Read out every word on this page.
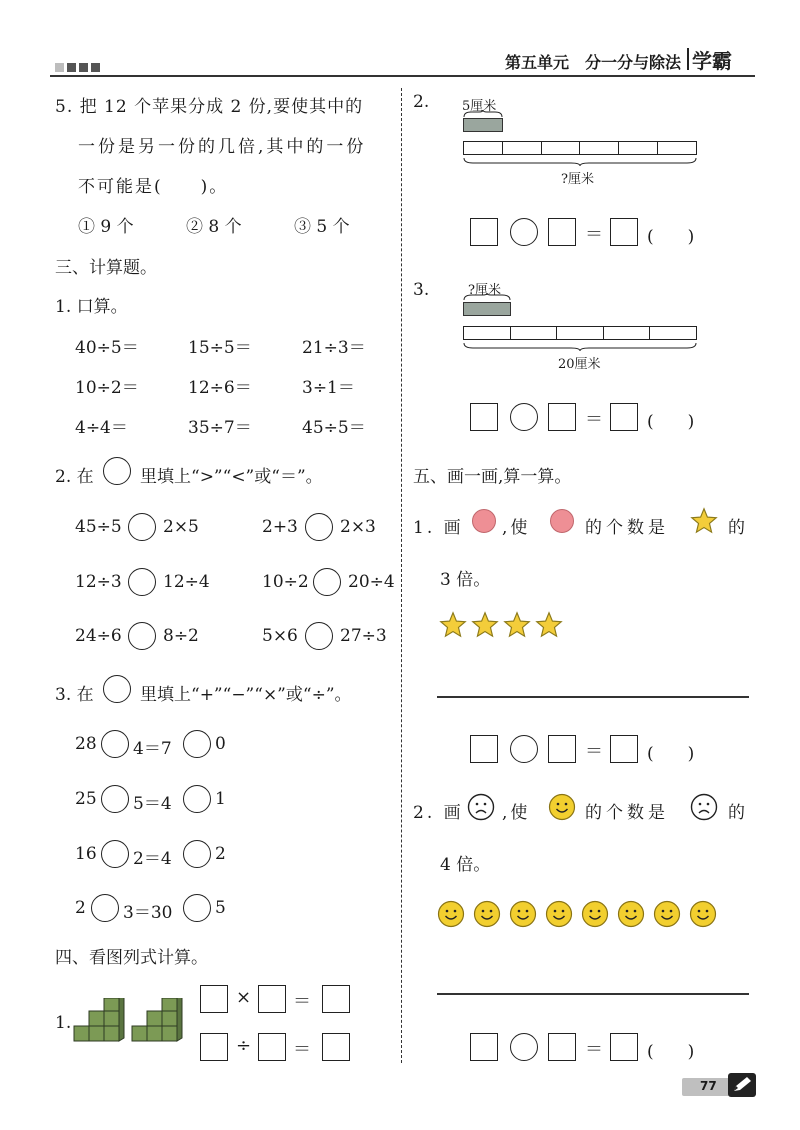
第五单元 分一分与除法 学霸
5. 把 12 个苹果分成 2 份,要使其中的
一份是另一份的几倍,其中的一份
不可能是(　　)。
① 9 个	② 8 个	③ 5 个
三、计算题。
1. 口算。
40÷5＝	15÷5＝	21÷3＝
10÷2＝	12÷6＝	3÷1＝
4÷4＝	35÷7＝	45÷5＝
2. 在	里填上“>”“<”或“＝”。
45÷5 2×5	2+3 2×3
12÷3 12÷4	10÷2 20÷4
24÷6 8÷2	5×6 27÷3
3. 在	里填上“+”“−”“×”或“÷”。
28 4＝7	0
25 5＝4	1
16 2＝4	2
2 3＝30	5
四、看图列式计算。
1.
× ＝
÷ ＝
2.	5厘米
?厘米
＝	(　　)
3.	?厘米
20厘米
＝	(　　)
五、画一画,算一算。
1. 画 ,使	的个数是	的
3 倍。
＝	(　　)
2. 画 ,使	的个数是	的
4 倍。
＝	(　　)
77
